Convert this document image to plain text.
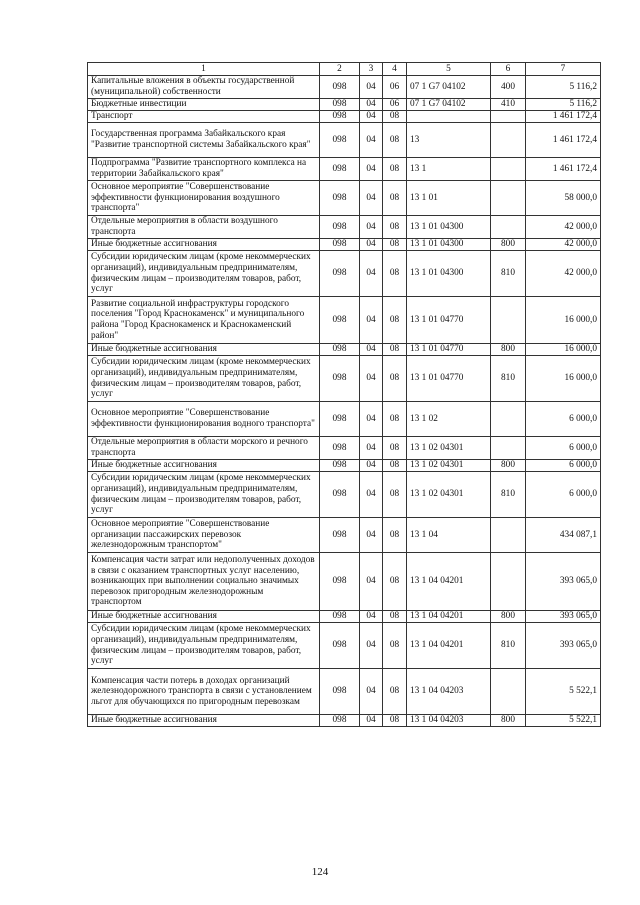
1	2	3	4	5	6	7
Капитальные вложения в объекты государственной (муниципальной) собственности	098	04	06	07 1 G7 04102	400	5 116,2
Бюджетные инвестиции	098	04	06	07 1 G7 04102	410	5 116,2
Транспорт	098	04	08			1 461 172,4
Государственная программа Забайкальского края "Развитие транспортной системы Забайкальского края"	098	04	08	13		1 461 172,4
Подпрограмма "Развитие транспортного комплекса на территории Забайкальского края"	098	04	08	13 1		1 461 172,4
Основное мероприятие "Совершенствование эффективности функционирования воздушного транспорта"	098	04	08	13 1 01		58 000,0
Отдельные мероприятия в области воздушного транспорта	098	04	08	13 1 01 04300		42 000,0
Иные бюджетные ассигнования	098	04	08	13 1 01 04300	800	42 000,0
Субсидии юридическим лицам (кроме некоммерческих организаций), индивидуальным предпринимателям, физическим лицам – производителям товаров, работ, услуг	098	04	08	13 1 01 04300	810	42 000,0
Развитие социальной инфраструктуры городского поселения "Город Краснокаменск" и муниципального района "Город Краснокаменск и Краснокаменский район"	098	04	08	13 1 01 04770		16 000,0
Иные бюджетные ассигнования	098	04	08	13 1 01 04770	800	16 000,0
Субсидии юридическим лицам (кроме некоммерческих организаций), индивидуальным предпринимателям, физическим лицам – производителям товаров, работ, услуг	098	04	08	13 1 01 04770	810	16 000,0
Основное мероприятие "Совершенствование эффективности функционирования водного транспорта"	098	04	08	13 1 02		6 000,0
Отдельные мероприятия в области морского и речного транспорта	098	04	08	13 1 02 04301		6 000,0
Иные бюджетные ассигнования	098	04	08	13 1 02 04301	800	6 000,0
Субсидии юридическим лицам (кроме некоммерческих организаций), индивидуальным предпринимателям, физическим лицам – производителям товаров, работ, услуг	098	04	08	13 1 02 04301	810	6 000,0
Основное мероприятие "Совершенствование организации пассажирских перевозок железнодорожным транспортом"	098	04	08	13 1 04		434 087,1
Компенсация части затрат или недополученных доходов в связи с оказанием транспортных услуг населению, возникающих при выполнении социально значимых перевозок пригородным железнодорожным транспортом	098	04	08	13 1 04 04201		393 065,0
Иные бюджетные ассигнования	098	04	08	13 1 04 04201	800	393 065,0
Субсидии юридическим лицам (кроме некоммерческих организаций), индивидуальным предпринимателям, физическим лицам – производителям товаров, работ, услуг	098	04	08	13 1 04 04201	810	393 065,0
Компенсация части потерь в доходах организаций железнодорожного транспорта в связи с установлением льгот для обучающихся по пригородным перевозкам	098	04	08	13 1 04 04203		5 522,1
Иные бюджетные ассигнования	098	04	08	13 1 04 04203	800	5 522,1
124
